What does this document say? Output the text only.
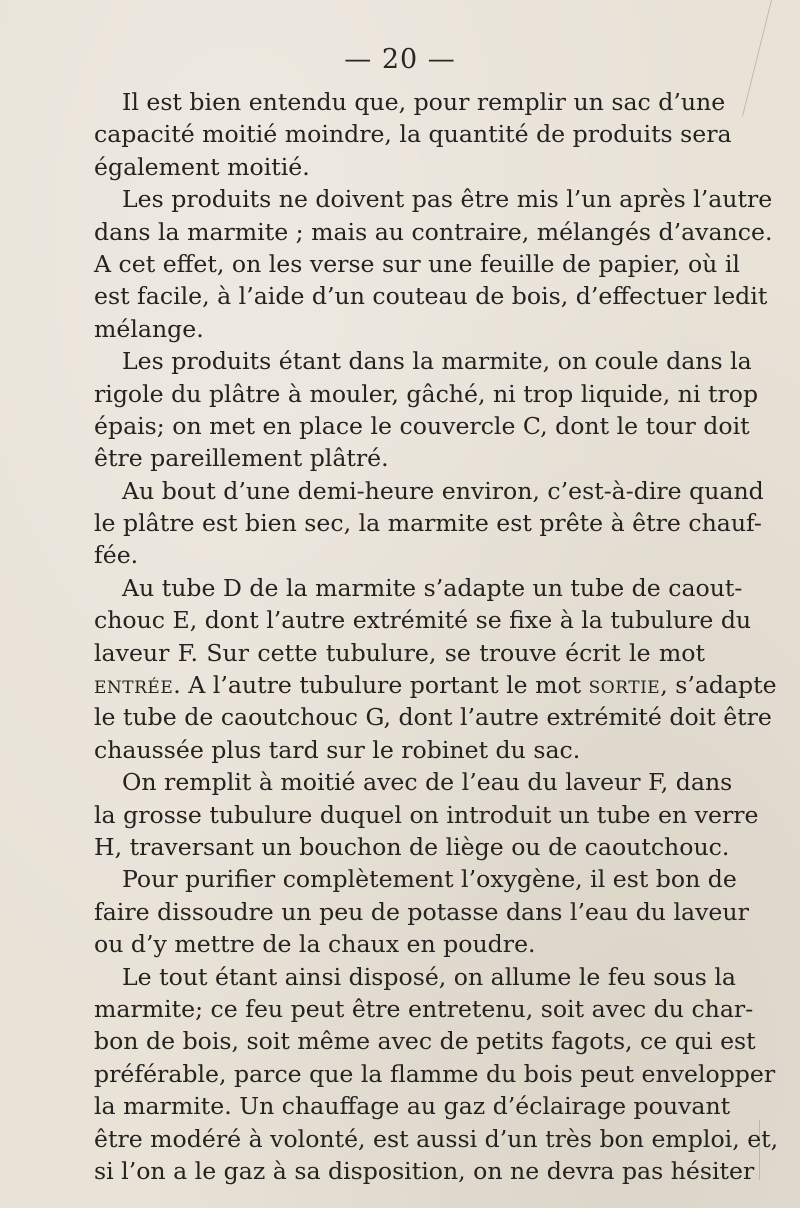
— 20 —
Il est bien entendu que, pour remplir un sac d’une
capacité moitié moindre, la quantité de produits sera
également moitié.
Les produits ne doivent pas être mis l’un après l’autre
dans la marmite ; mais au contraire, mélangés d’avance.
A cet effet, on les verse sur une feuille de papier, où il
est facile, à l’aide d’un couteau de bois, d’effectuer ledit
mélange.
Les produits étant dans la marmite, on coule dans la
rigole du plâtre à mouler, gâché, ni trop liquide, ni trop
épais; on met en place le couvercle C, dont le tour doit
être pareillement plâtré.
Au bout d’une demi-heure environ, c’est-à-dire quand
le plâtre est bien sec, la marmite est prête à être chauf-
fée.
Au tube D de la marmite s’adapte un tube de caout-
chouc E, dont l’autre extrémité se fixe à la tubulure du
laveur F. Sur cette tubulure, se trouve écrit le mot
entrée. A l’autre tubulure portant le mot sortie, s’adapte
le tube de caoutchouc G, dont l’autre extrémité doit être
chaussée plus tard sur le robinet du sac.
On remplit à moitié avec de l’eau du laveur F, dans
la grosse tubulure duquel on introduit un tube en verre
H, traversant un bouchon de liège ou de caoutchouc.
Pour purifier complètement l’oxygène, il est bon de
faire dissoudre un peu de potasse dans l’eau du laveur
ou d’y mettre de la chaux en poudre.
Le tout étant ainsi disposé, on allume le feu sous la
marmite; ce feu peut être entretenu, soit avec du char-
bon de bois, soit même avec de petits fagots, ce qui est
préférable, parce que la flamme du bois peut envelopper
la marmite. Un chauffage au gaz d’éclairage pouvant
être modéré à volonté, est aussi d’un très bon emploi, et,
si l’on a le gaz à sa disposition, on ne devra pas hésiter
